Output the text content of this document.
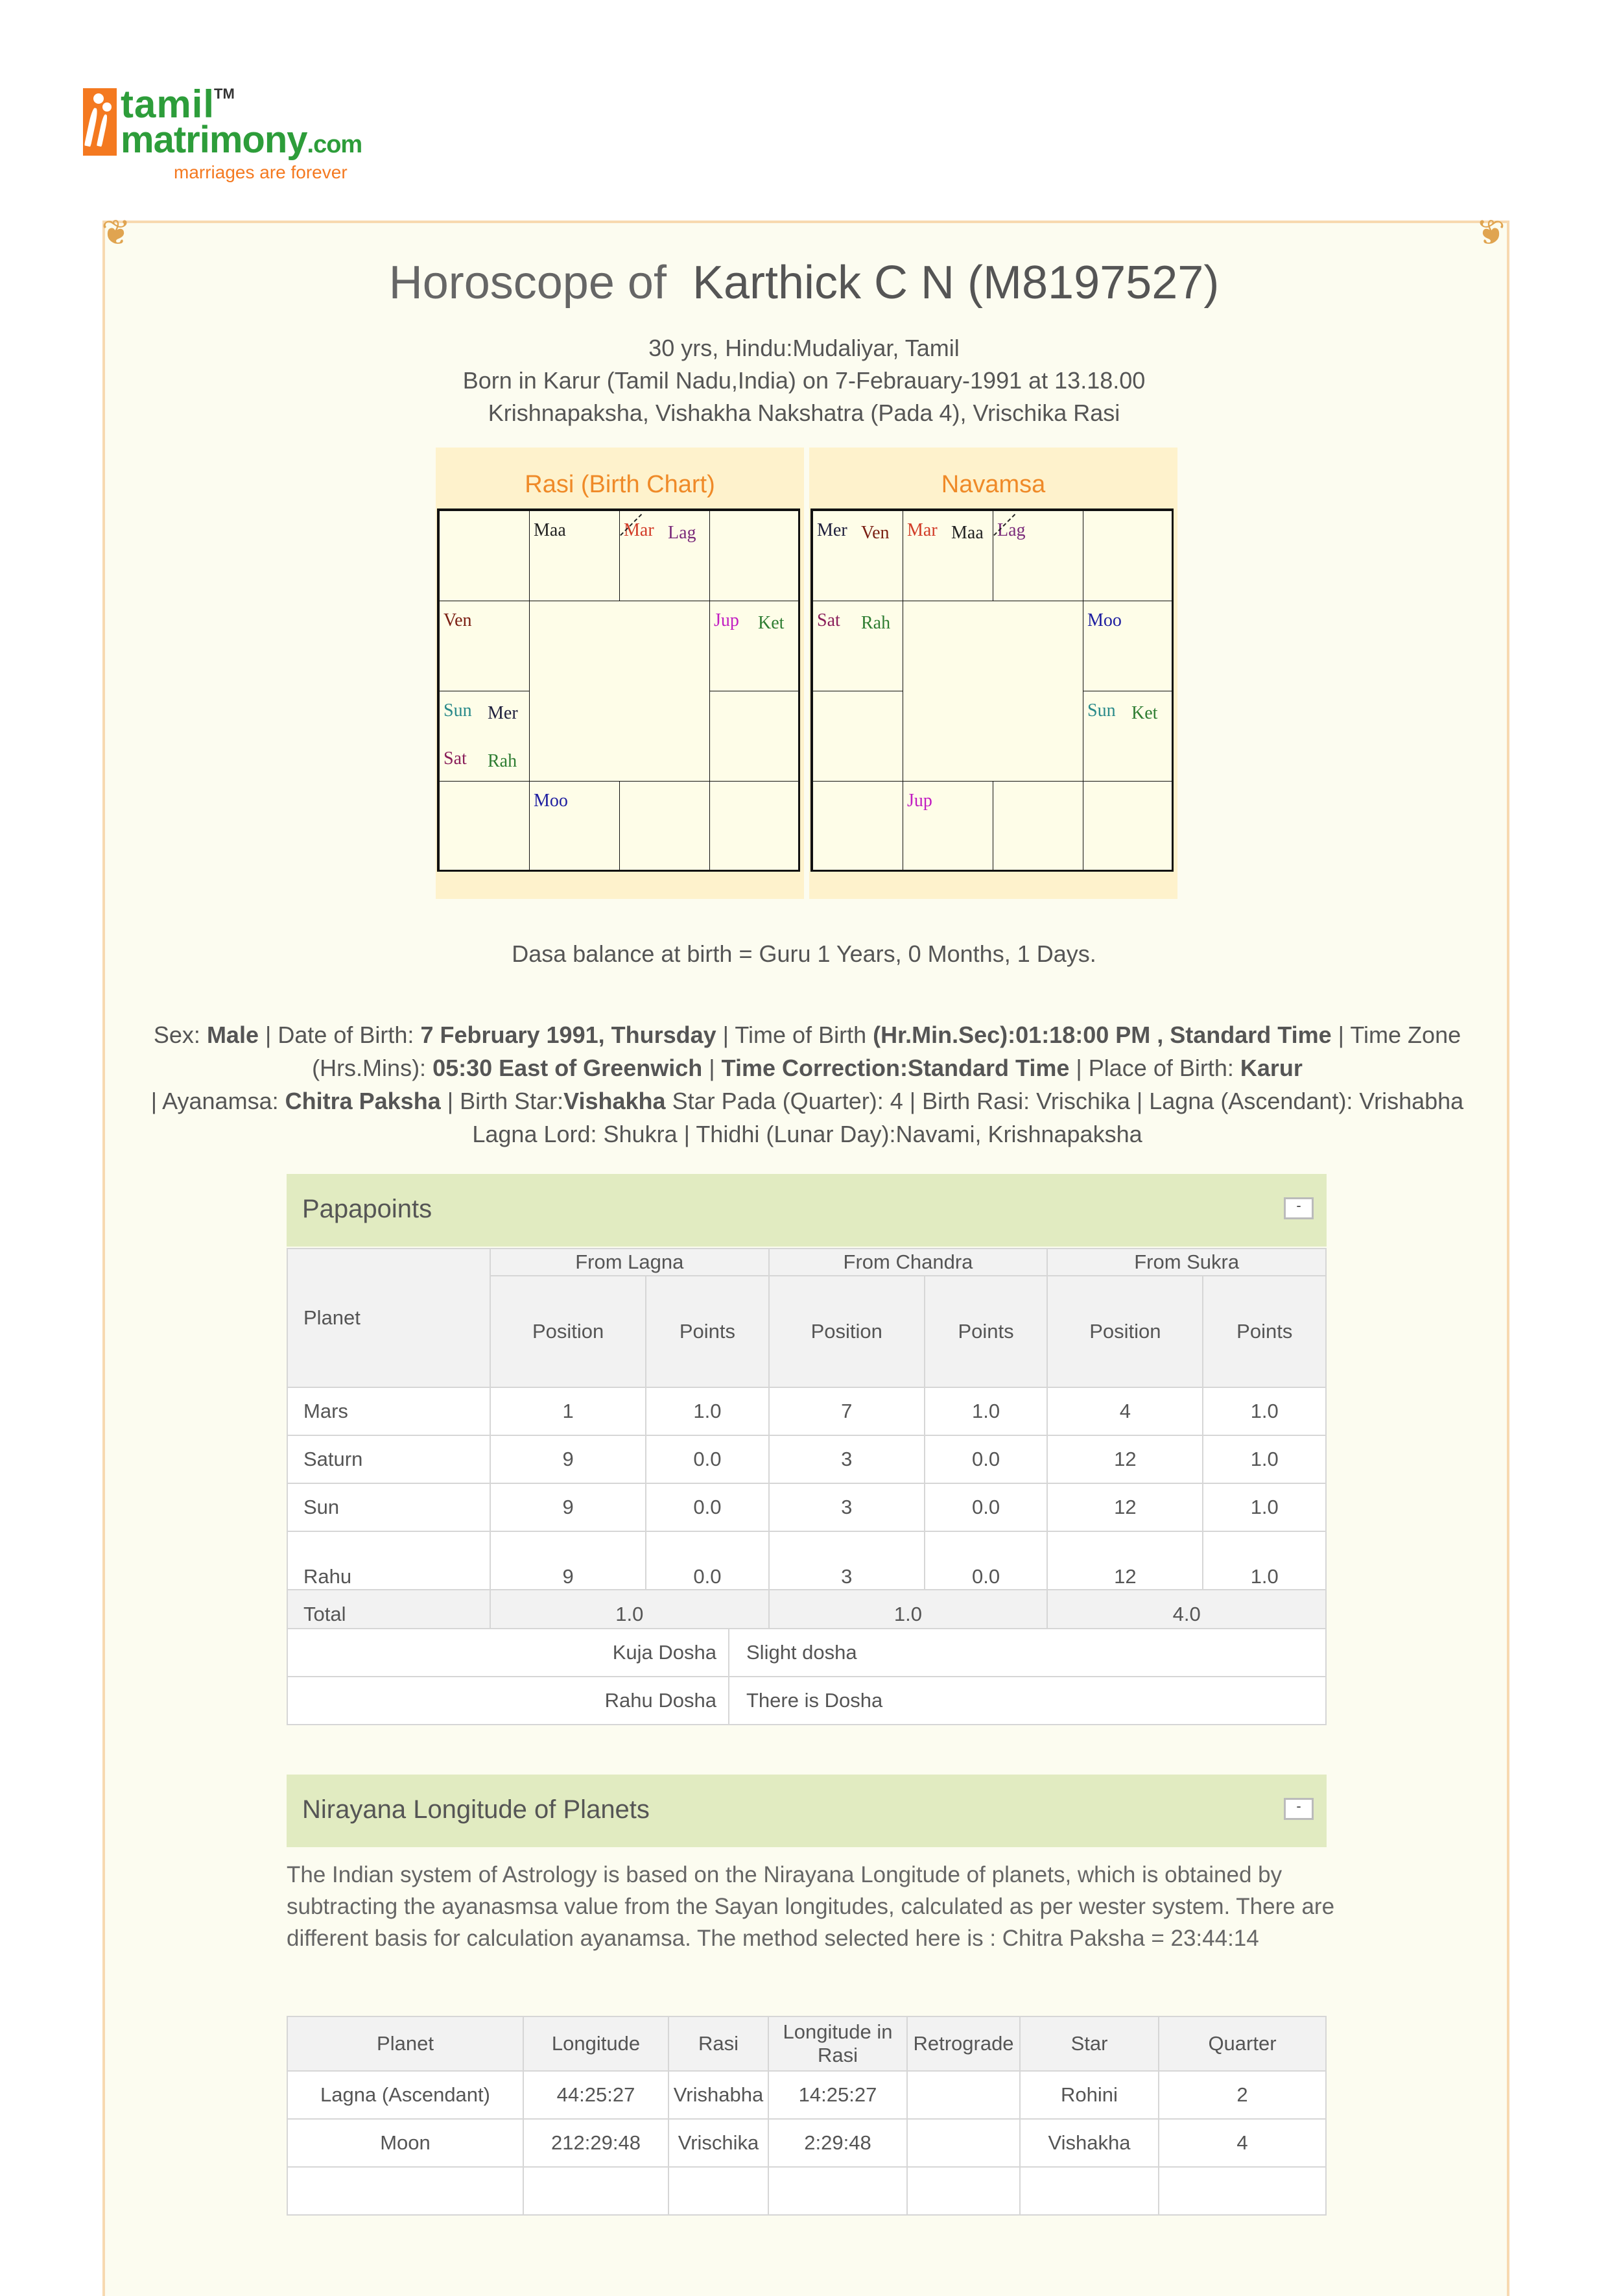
tamil
TM
matrimony.com
marriages are forever
❦	❦
Horoscope of Karthick C N (M8197527)
30 yrs, Hindu:Mudaliyar, Tamil
Born in Karur (Tamil Nadu,India) on 7-Febrauary-1991 at 13.18.00
Krishnapaksha, Vishakha Nakshatra (Pada 4), Vrischika Rasi
Rasi (Birth Chart)
Maa	Mar Lag
Jup Ket
Moo
Sun Mer
Sat Rah
Ven
Navamsa
Mer Ven Mar Maa Lag
Moo
Sun Ket
Jup
Sat Rah
Dasa balance at birth = Guru 1 Years, 0 Months, 1 Days.
Sex: Male | Date of Birth: 7 February 1991, Thursday | Time of Birth (Hr.Min.Sec):01:18:00 PM , Standard Time | Time Zone (Hrs.Mins): 05:30 East of Greenwich | Time Correction:Standard Time | Place of Birth: Karur
| Ayanamsa: Chitra Paksha | Birth Star:Vishakha Star Pada (Quarter): 4 | Birth Rasi: Vrischika | Lagna (Ascendant): Vrishabha Lagna Lord: Shukra | Thidhi (Lunar Day):Navami, Krishnapaksha
Papapoints	-
Planet	From Lagna		From Chandra		From Sukra	
	Position	Points	Position	Points	Position	Points
Mars	1	1.0	7	1.0	4	1.0
Saturn	9	0.0	3	0.0	12	1.0
Sun	9	0.0	3	0.0	12	1.0
Rahu	9	0.0	3	0.0	12	1.0
Total	1.0		1.0		4.0	
Kuja Dosha	Slight dosha
Rahu Dosha	There is Dosha
Nirayana Longitude of Planets	-
The Indian system of Astrology is based on the Nirayana Longitude of planets, which is obtained by subtracting the ayanasmsa value from the Sayan longitudes, calculated as per wester system. There are different basis for calculation ayanamsa. The method selected here is : Chitra Paksha = 23:44:14
Planet	Longitude	Rasi	Longitude in Rasi	Retrograde	Star	Quarter
Lagna (Ascendant)	44:25:27	Vrishabha	14:25:27		Rohini	2
Moon	212:29:48	Vrischika	2:29:48		Vishakha	4
